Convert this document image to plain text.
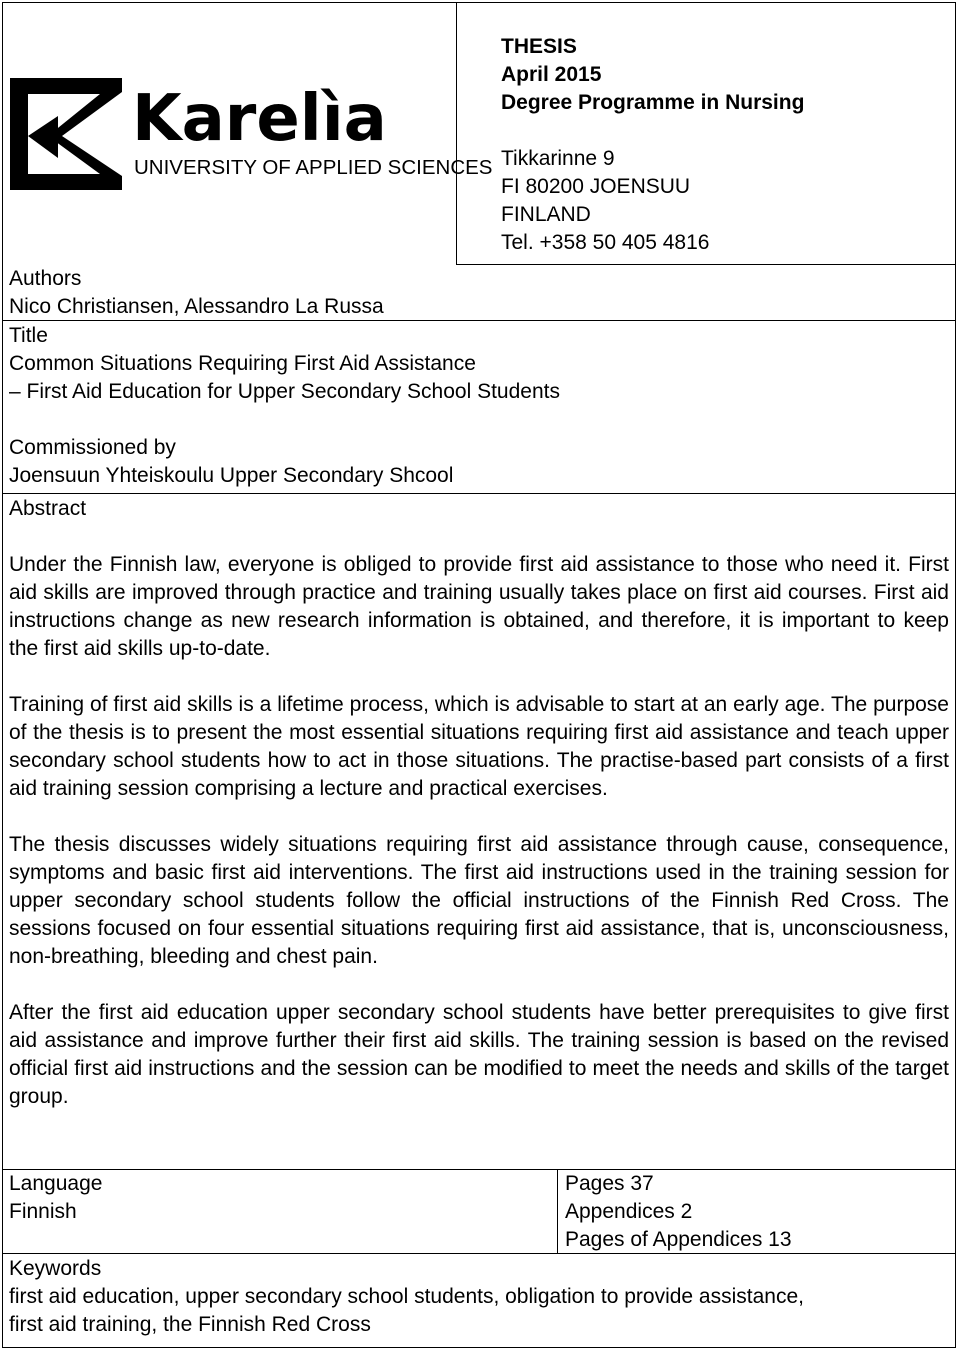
Karelìa
UNIVERSITY OF APPLIED SCIENCES
THESIS
April 2015
Degree Programme in Nursing
Tikkarinne 9
FI 80200 JOENSUU
FINLAND
Tel. +358 50 405 4816
Authors
Nico Christiansen, Alessandro La Russa
Title
Common Situations Requiring First Aid Assistance
– First Aid Education for Upper Secondary School Students
Commissioned by
Joensuun Yhteiskoulu Upper Secondary Shcool
Abstract

Under the Finnish law, everyone is obliged to provide first aid assistance to those who need it. First aid skills are improved through practice and training usually takes place on first aid courses. First aid instructions change as new research information is obtained, and therefore, it is important to keep the first aid skills up-to-date.

Training of first aid skills is a lifetime process, which is advisable to start at an early age. The purpose of the thesis is to present the most essential situations requiring first aid assistance and teach upper secondary school students how to act in those situations. The practise-based part consists of a first aid training session comprising a lecture and practical exercises.

The thesis discusses widely situations requiring first aid assistance through cause, consequence, symptoms and basic first aid interventions. The first aid instructions used in the training session for upper secondary school students follow the official instructions of the Finnish Red Cross. The sessions focused on four essential situations requiring first aid assistance, that is, unconsciousness, non-breathing, bleeding and chest pain.

After the first aid education upper secondary school students have better prerequisites to give first aid assistance and improve further their first aid skills. The training session is based on the revised official first aid instructions and the session can be modified to meet the needs and skills of the target group.

Language
Finnish
Pages 37
Appendices 2
Pages of Appendices 13
Keywords
first aid education, upper secondary school students, obligation to provide assistance,
first aid training, the Finnish Red Cross
